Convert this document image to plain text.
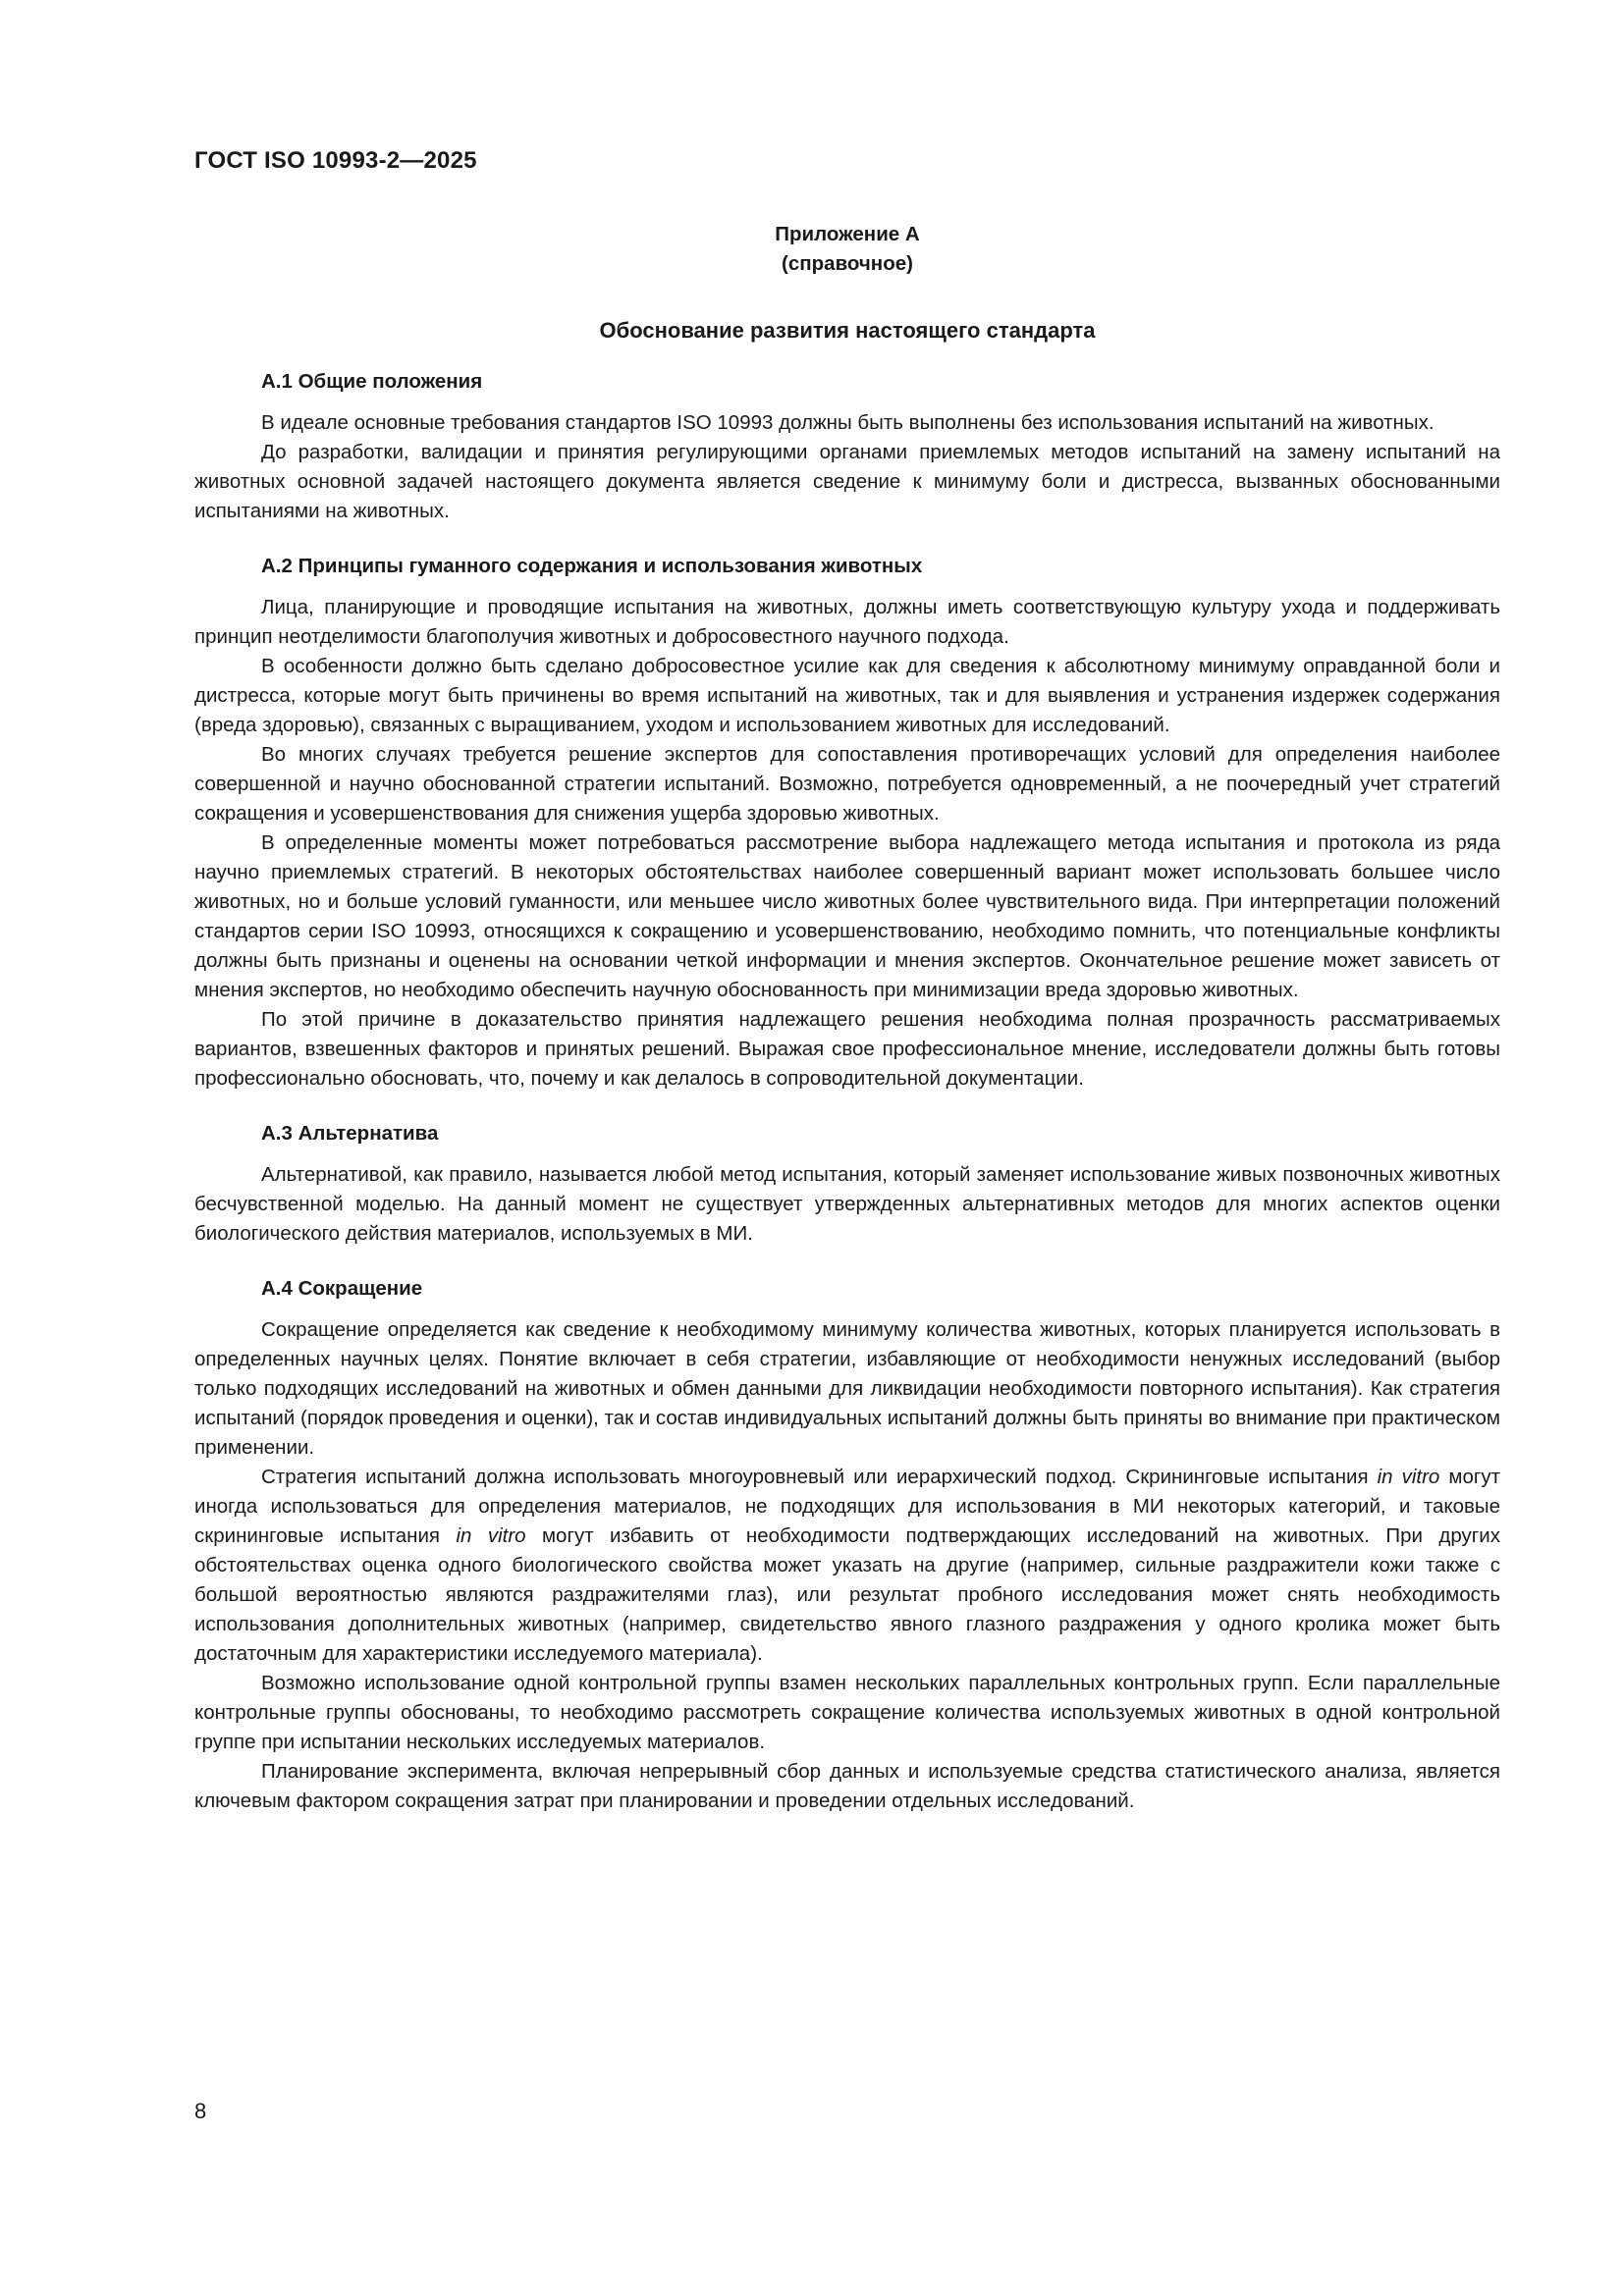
ГОСТ ISO 10993-2—2025

Приложение А

(справочное)

Обоснование развития настоящего стандарта

А.1 Общие положения

В идеале основные требования стандартов ISO 10993 должны быть выполнены без использования испытаний на животных.

До разработки, валидации и принятия регулирующими органами приемлемых методов испытаний на замену испытаний на животных основной задачей настоящего документа является сведение к минимуму боли и дистресса, вызванных обоснованными испытаниями на животных.

А.2 Принципы гуманного содержания и использования животных

Лица, планирующие и проводящие испытания на животных, должны иметь соответствующую культуру ухода и поддерживать принцип неотделимости благополучия животных и добросовестного научного подхода.

В особенности должно быть сделано добросовестное усилие как для сведения к абсолютному минимуму оправданной боли и дистресса, которые могут быть причинены во время испытаний на животных, так и для выявления и устранения издержек содержания (вреда здоровью), связанных с выращиванием, уходом и использованием животных для исследований.

Во многих случаях требуется решение экспертов для сопоставления противоречащих условий для определения наиболее совершенной и научно обоснованной стратегии испытаний. Возможно, потребуется одновременный, а не поочередный учет стратегий сокращения и усовершенствования для снижения ущерба здоровью животных.

В определенные моменты может потребоваться рассмотрение выбора надлежащего метода испытания и протокола из ряда научно приемлемых стратегий. В некоторых обстоятельствах наиболее совершенный вариант может использовать большее число животных, но и больше условий гуманности, или меньшее число животных более чувствительного вида. При интерпретации положений стандартов серии ISO 10993, относящихся к сокращению и усовершенствованию, необходимо помнить, что потенциальные конфликты должны быть признаны и оценены на основании четкой информации и мнения экспертов. Окончательное решение может зависеть от мнения экспертов, но необходимо обеспечить научную обоснованность при минимизации вреда здоровью животных.

По этой причине в доказательство принятия надлежащего решения необходима полная прозрачность рассматриваемых вариантов, взвешенных факторов и принятых решений. Выражая свое профессиональное мнение, исследователи должны быть готовы профессионально обосновать, что, почему и как делалось в сопроводительной документации.

А.3 Альтернатива

Альтернативой, как правило, называется любой метод испытания, который заменяет использование живых позвоночных животных бесчувственной моделью. На данный момент не существует утвержденных альтернативных методов для многих аспектов оценки биологического действия материалов, используемых в МИ.

А.4 Сокращение

Сокращение определяется как сведение к необходимому минимуму количества животных, которых планируется использовать в определенных научных целях. Понятие включает в себя стратегии, избавляющие от необходимости ненужных исследований (выбор только подходящих исследований на животных и обмен данными для ликвидации необходимости повторного испытания). Как стратегия испытаний (порядок проведения и оценки), так и состав индивидуальных испытаний должны быть приняты во внимание при практическом применении.

Стратегия испытаний должна использовать многоуровневый или иерархический подход. Скрининговые испытания in vitro могут иногда использоваться для определения материалов, не подходящих для использования в МИ некоторых категорий, и таковые скрининговые испытания in vitro могут избавить от необходимости подтверждающих исследований на животных. При других обстоятельствах оценка одного биологического свойства может указать на другие (например, сильные раздражители кожи также с большой вероятностью являются раздражителями глаз), или результат пробного исследования может снять необходимость использования дополнительных животных (например, свидетельство явного глазного раздражения у одного кролика может быть достаточным для характеристики исследуемого материала).

Возможно использование одной контрольной группы взамен нескольких параллельных контрольных групп. Если параллельные контрольные группы обоснованы, то необходимо рассмотреть сокращение количества используемых животных в одной контрольной группе при испытании нескольких исследуемых материалов.

Планирование эксперимента, включая непрерывный сбор данных и используемые средства статистического анализа, является ключевым фактором сокращения затрат при планировании и проведении отдельных исследований.

8
